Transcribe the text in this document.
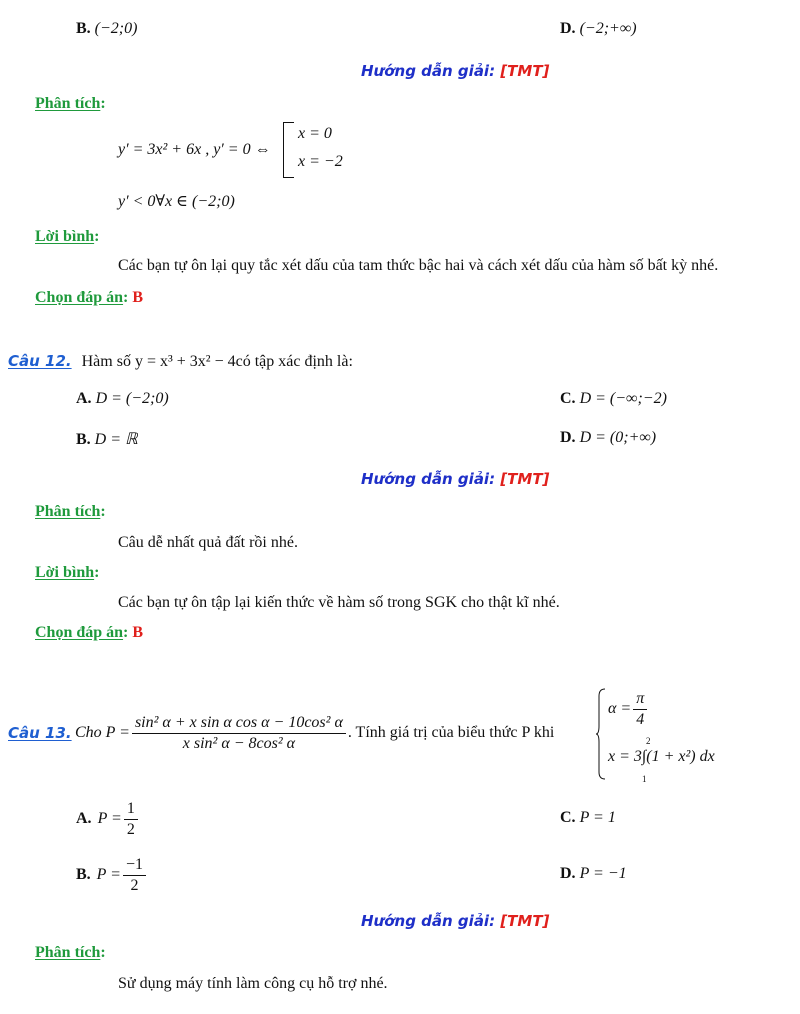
B. (−2;0)	D. (−2;+∞)
Hướng dẫn giải: [TMT]
Phân tích:
y′ = 3x² + 6x , y′ = 0 ⇔
x = 0
x = −2
y′ < 0∀x ∈ (−2;0)
Lời bình:
Các bạn tự ôn lại quy tắc xét dấu của tam thức bậc hai và cách xét dấu của hàm số bất kỳ nhé.
Chọn đáp án: B
Câu 12. Hàm số y = x³ + 3x² − 4có tập xác định là:
A. D = (−2;0)	C. D = (−∞;−2)
B. D = ℝ	D. D = (0;+∞)
Hướng dẫn giải: [TMT]
Phân tích:
Câu dễ nhất quả đất rồi nhé.
Lời bình:
Các bạn tự ôn tập lại kiến thức về hàm số trong SGK cho thật kĩ nhé.
Chọn đáp án: B
Câu 13. Cho $P = \frac{\text{sin² α + x sin α cos α − 10cos² α}}{\text{x sin² α − 8cos² α}}$ . Tính giá trị của biểu thức P khi
$\alpha = \frac{\pi}{4}$
2
1
x = 3∫(1 + x²) dx
A. $P = \frac{1}{2}$	C. P = 1
B. $P = \frac{-1}{2}$	D. P = −1
Hướng dẫn giải: [TMT]
Phân tích:
Sử dụng máy tính làm công cụ hỗ trợ nhé.
